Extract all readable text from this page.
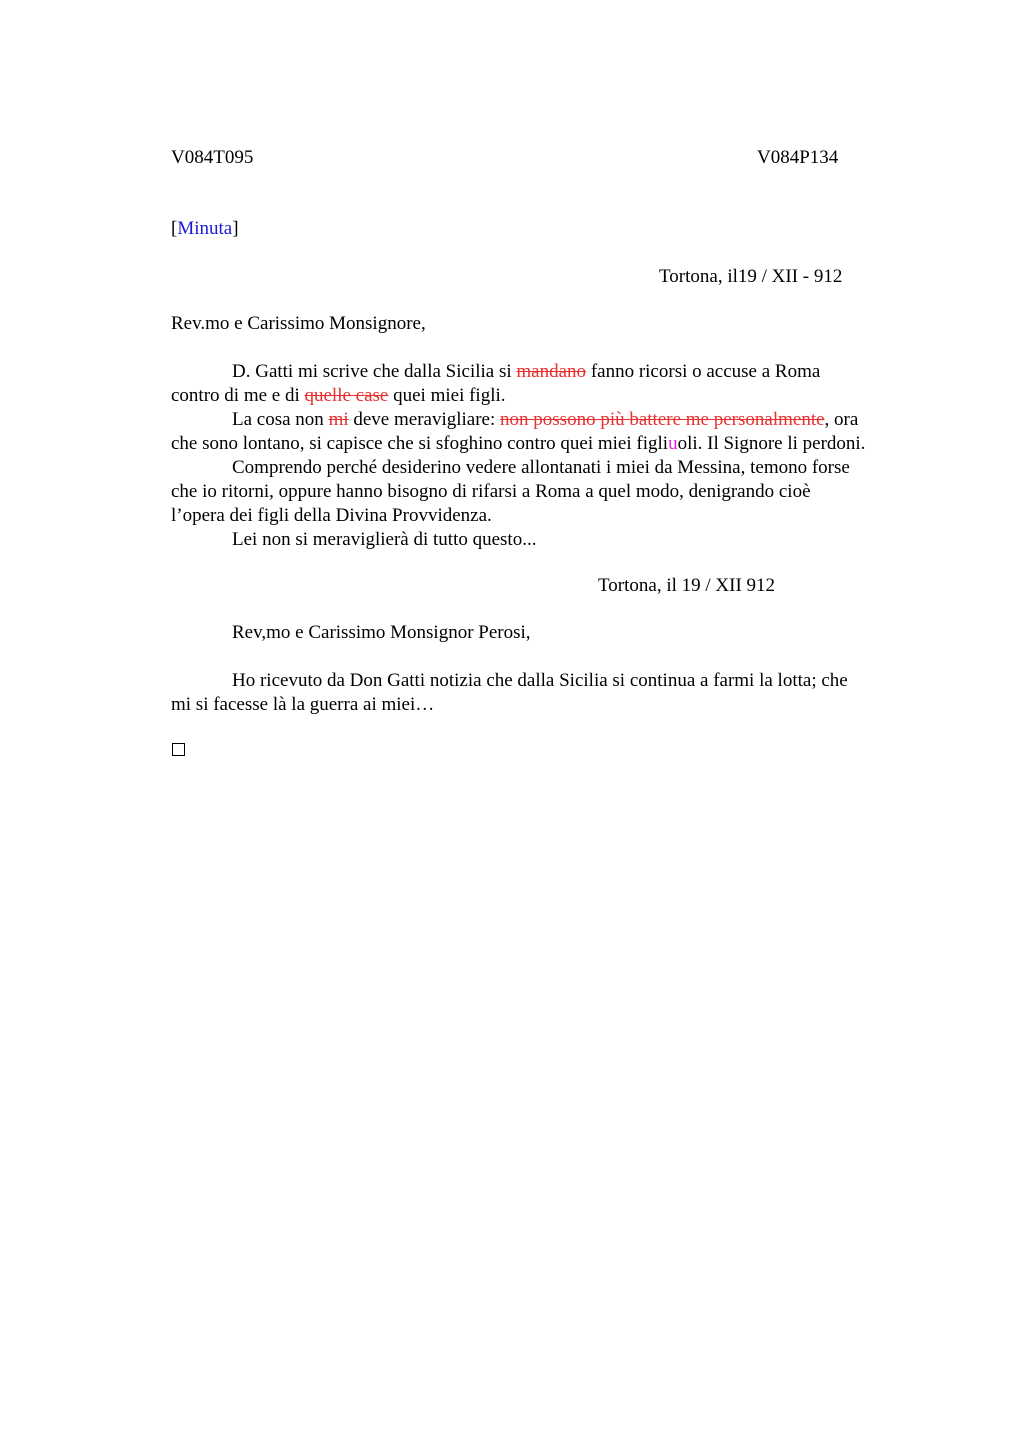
V084T095	V084P134
[Minuta]
Tortona, il19 / XII - 912
Rev.mo e Carissimo Monsignore,
D. Gatti mi scrive che dalla Sicilia si mandano fanno ricorsi o accuse a Roma
contro di me e di quelle case quei miei figli.
La cosa non mi deve meravigliare: non possono più battere me personalmente, ora
che sono lontano, si capisce che si sfoghino contro quei miei figliuoli. Il Signore li perdoni.
Comprendo perché desiderino vedere allontanati i miei da Messina, temono forse
che io ritorni, oppure hanno bisogno di rifarsi a Roma a quel modo, denigrando cioè
l’opera dei figli della Divina Provvidenza.
Lei non si meraviglierà di tutto questo...
Tortona, il 19 / XII 912
Rev,mo e Carissimo Monsignor Perosi,
Ho ricevuto da Don Gatti notizia che dalla Sicilia si continua a farmi la lotta; che
mi si facesse là la guerra ai miei…
